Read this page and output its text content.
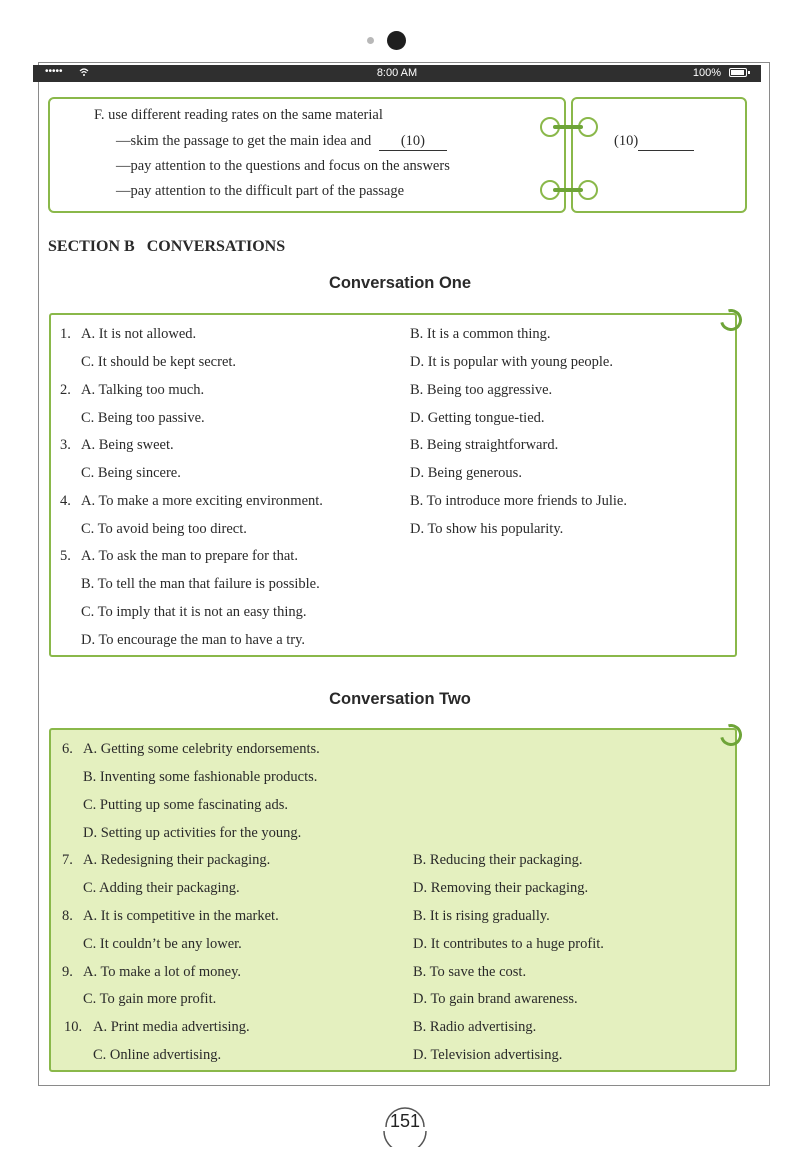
•••••	8:00 AM	100%
F. use different reading rates on the same material
—skim the passage to get the main idea and (10)
—pay attention to the questions and focus on the answers
—pay attention to the difficult part of the passage
(10)
SECTION B   CONVERSATIONS
Conversation One
1. A. It is not allowed.	B. It is a common thing.
C. It should be kept secret.	D. It is popular with young people.
2. A. Talking too much.	B. Being too aggressive.
C. Being too passive.	D. Getting tongue-tied.
3. A. Being sweet.	B. Being straightforward.
C. Being sincere.	D. Being generous.
4. A. To make a more exciting environment.	B. To introduce more friends to Julie.
C. To avoid being too direct.	D. To show his popularity.
5. A. To ask the man to prepare for that.
B. To tell the man that failure is possible.
C. To imply that it is not an easy thing.
D. To encourage the man to have a try.
Conversation Two
6. A. Getting some celebrity endorsements.
B. Inventing some fashionable products.
C. Putting up some fascinating ads.
D. Setting up activities for the young.
7. A. Redesigning their packaging.	B. Reducing their packaging.
C. Adding their packaging.	D. Removing their packaging.
8. A. It is competitive in the market.	B. It is rising gradually.
C. It couldn’t be any lower.	D. It contributes to a huge profit.
9. A. To make a lot of money.	B. To save the cost.
C. To gain more profit.	D. To gain brand awareness.
10. A. Print media advertising.	B. Radio advertising.
C. Online advertising.	D. Television advertising.
151
